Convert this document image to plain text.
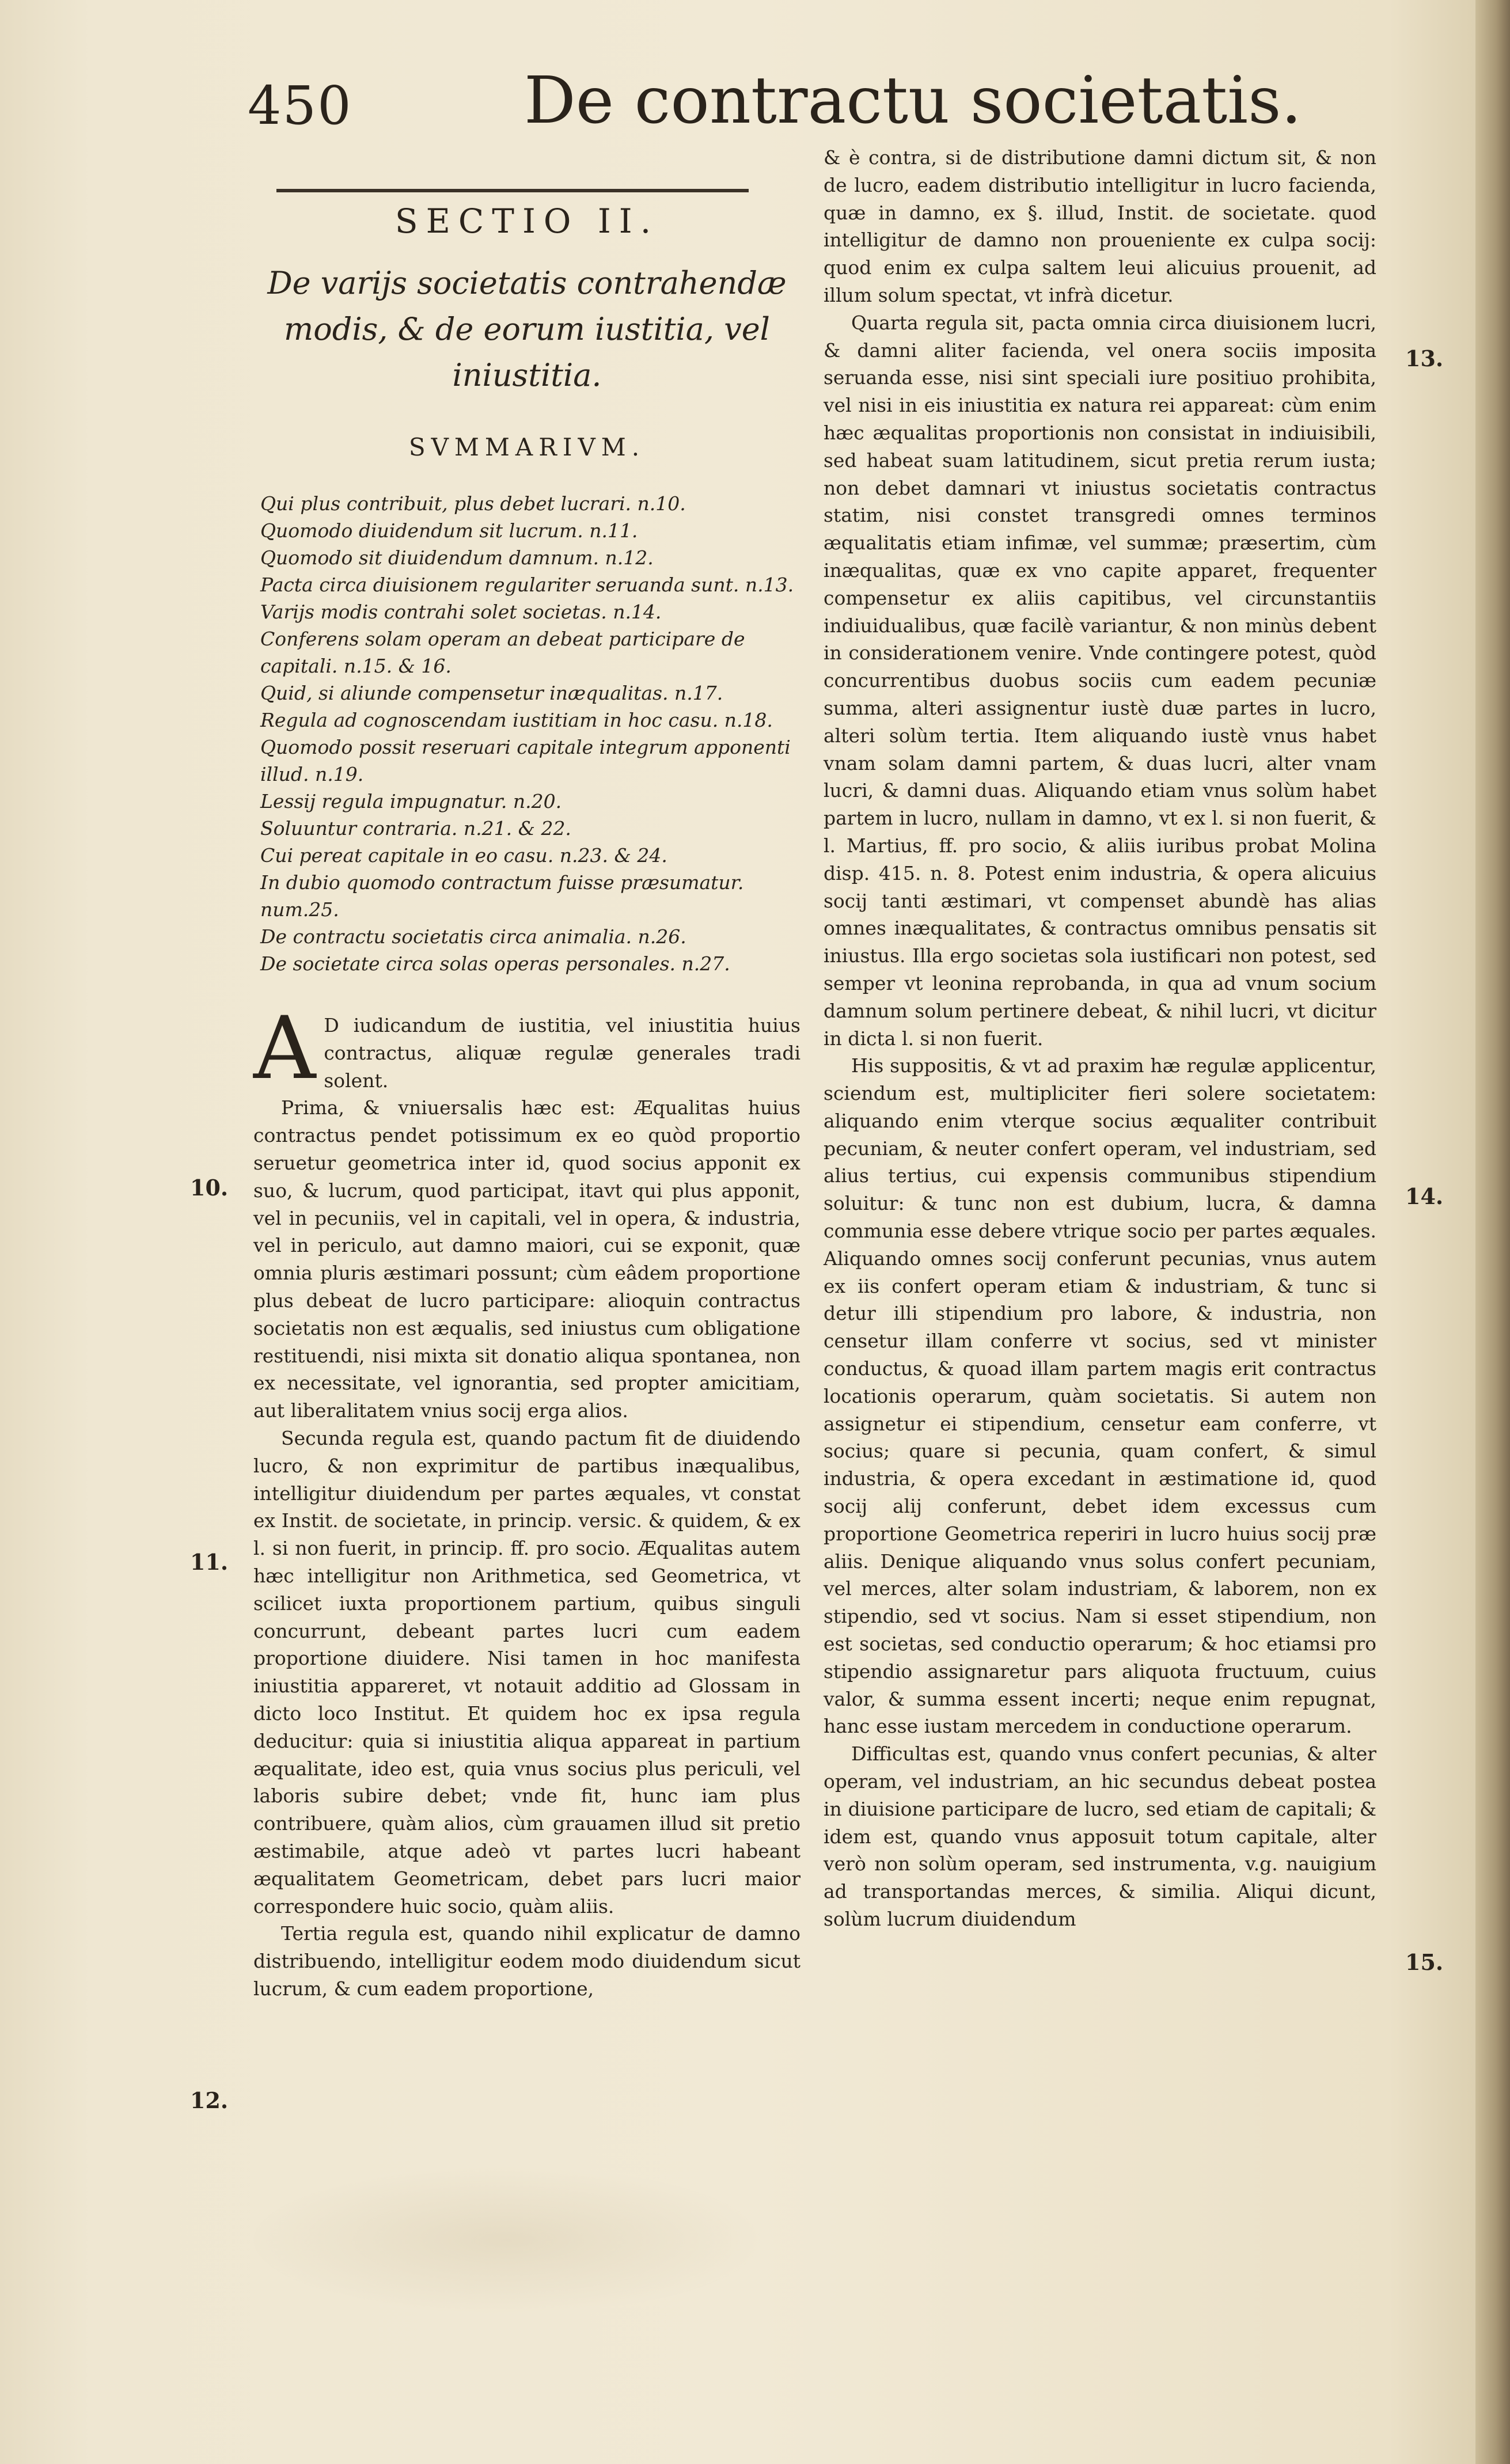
450	De contractu societatis.
SECTIO II.
De varijs societatis contrahendæ modis, & de eorum iustitia, vel iniustitia.
SVMMARIVM.
Qui plus contribuit, plus debet lucrari. n.10.
Quomodo diuidendum sit lucrum. n.11.
Quomodo sit diuidendum damnum. n.12.
Pacta circa diuisionem regulariter seruanda sunt. n.13.
Varijs modis contrahi solet societas. n.14.
Conferens solam operam an debeat participare de capitali. n.15. & 16.
Quid, si aliunde compensetur inæqualitas. n.17.
Regula ad cognoscendam iustitiam in hoc casu. n.18.
Quomodo possit reseruari capitale integrum apponenti illud. n.19.
Lessij regula impugnatur. n.20.
Soluuntur contraria. n.21. & 22.
Cui pereat capitale in eo casu. n.23. & 24.
In dubio quomodo contractum fuisse præsumatur. num.25.
De contractu societatis circa animalia. n.26.
De societate circa solas operas personales. n.27.

A D iudicandum de iustitia, vel iniustitia huius contractus, aliquæ regulæ generales tradi solent.

Prima, & vniuersalis hæc est: Æqualitas huius contractus pendet potissimum ex eo quòd proportio seruetur geometrica inter id, quod socius apponit ex suo, & lucrum, quod participat, itavt qui plus apponit, vel in pecuniis, vel in capitali, vel in opera, & industria, vel in periculo, aut damno maiori, cui se exponit, quæ omnia pluris æstimari possunt; cùm eâdem proportione plus debeat de lucro participare: alioquin contractus societatis non est æqualis, sed iniustus cum obligatione restituendi, nisi mixta sit donatio aliqua spontanea, non ex necessitate, vel ignorantia, sed propter amicitiam, aut liberalitatem vnius socij erga alios.

Secunda regula est, quando pactum fit de diuidendo lucro, & non exprimitur de partibus inæqualibus, intelligitur diuidendum per partes æquales, vt constat ex Instit. de societate, in princip. versic. & quidem, & ex l. si non fuerit, in princip. ff. pro socio. Æqualitas autem hæc intelligitur non Arithmetica, sed Geometrica, vt scilicet iuxta proportionem partium, quibus singuli concurrunt, debeant partes lucri cum eadem proportione diuidere. Nisi tamen in hoc manifesta iniustitia appareret, vt notauit additio ad Glossam in dicto loco Institut. Et quidem hoc ex ipsa regula deducitur: quia si iniustitia aliqua appareat in partium æqualitate, ideo est, quia vnus socius plus periculi, vel laboris subire debet; vnde fit, hunc iam plus contribuere, quàm alios, cùm grauamen illud sit pretio æstimabile, atque adeò vt partes lucri habeant æqualitatem Geometricam, debet pars lucri maior correspondere huic socio, quàm aliis.

Tertia regula est, quando nihil explicatur de damno distribuendo, intelligitur eodem modo diuidendum sicut lucrum, & cum eadem proportione,

& è contra, si de distributione damni dictum sit, & non de lucro, eadem distributio intelligitur in lucro facienda, quæ in damno, ex §. illud, Instit. de societate. quod intelligitur de damno non proueniente ex culpa socij: quod enim ex culpa saltem leui alicuius prouenit, ad illum solum spectat, vt infrà dicetur.

Quarta regula sit, pacta omnia circa diuisionem lucri, & damni aliter facienda, vel onera sociis imposita seruanda esse, nisi sint speciali iure positiuo prohibita, vel nisi in eis iniustitia ex natura rei appareat: cùm enim hæc æqualitas proportionis non consistat in indiuisibili, sed habeat suam latitudinem, sicut pretia rerum iusta; non debet damnari vt iniustus societatis contractus statim, nisi constet transgredi omnes terminos æqualitatis etiam infimæ, vel summæ; præsertim, cùm inæqualitas, quæ ex vno capite apparet, frequenter compensetur ex aliis capitibus, vel circunstantiis indiuidualibus, quæ facilè variantur, & non minùs debent in considerationem venire. Vnde contingere potest, quòd concurrentibus duobus sociis cum eadem pecuniæ summa, alteri assignentur iustè duæ partes in lucro, alteri solùm tertia. Item aliquando iustè vnus habet vnam solam damni partem, & duas lucri, alter vnam lucri, & damni duas. Aliquando etiam vnus solùm habet partem in lucro, nullam in damno, vt ex l. si non fuerit, & l. Martius, ff. pro socio, & aliis iuribus probat Molina disp. 415. n. 8. Potest enim industria, & opera alicuius socij tanti æstimari, vt compenset abundè has alias omnes inæqualitates, & contractus omnibus pensatis sit iniustus. Illa ergo societas sola iustificari non potest, sed semper vt leonina reprobanda, in qua ad vnum socium damnum solum pertinere debeat, & nihil lucri, vt dicitur in dicta l. si non fuerit.

His suppositis, & vt ad praxim hæ regulæ applicentur, sciendum est, multipliciter fieri solere societatem: aliquando enim vterque socius æqualiter contribuit pecuniam, & neuter confert operam, vel industriam, sed alius tertius, cui expensis communibus stipendium soluitur: & tunc non est dubium, lucra, & damna communia esse debere vtrique socio per partes æquales. Aliquando omnes socij conferunt pecunias, vnus autem ex iis confert operam etiam & industriam, & tunc si detur illi stipendium pro labore, & industria, non censetur illam conferre vt socius, sed vt minister conductus, & quoad illam partem magis erit contractus locationis operarum, quàm societatis. Si autem non assignetur ei stipendium, censetur eam conferre, vt socius; quare si pecunia, quam confert, & simul industria, & opera excedant in æstimatione id, quod socij alij conferunt, debet idem excessus cum proportione Geometrica reperiri in lucro huius socij præ aliis. Denique aliquando vnus solus confert pecuniam, vel merces, alter solam industriam, & laborem, non ex stipendio, sed vt socius. Nam si esset stipendium, non est societas, sed conductio operarum; & hoc etiamsi pro stipendio assignaretur pars aliquota fructuum, cuius valor, & summa essent incerti; neque enim repugnat, hanc esse iustam mercedem in conductione operarum.

Difficultas est, quando vnus confert pecunias, & alter operam, vel industriam, an hic secundus debeat postea in diuisione participare de lucro, sed etiam de capitali; & idem est, quando vnus apposuit totum capitale, alter verò non solùm operam, sed instrumenta, v.g. nauigium ad transportandas merces, & similia. Aliqui dicunt, solùm lucrum diuidendum

10.
11.
12.
13.
14.
15.
